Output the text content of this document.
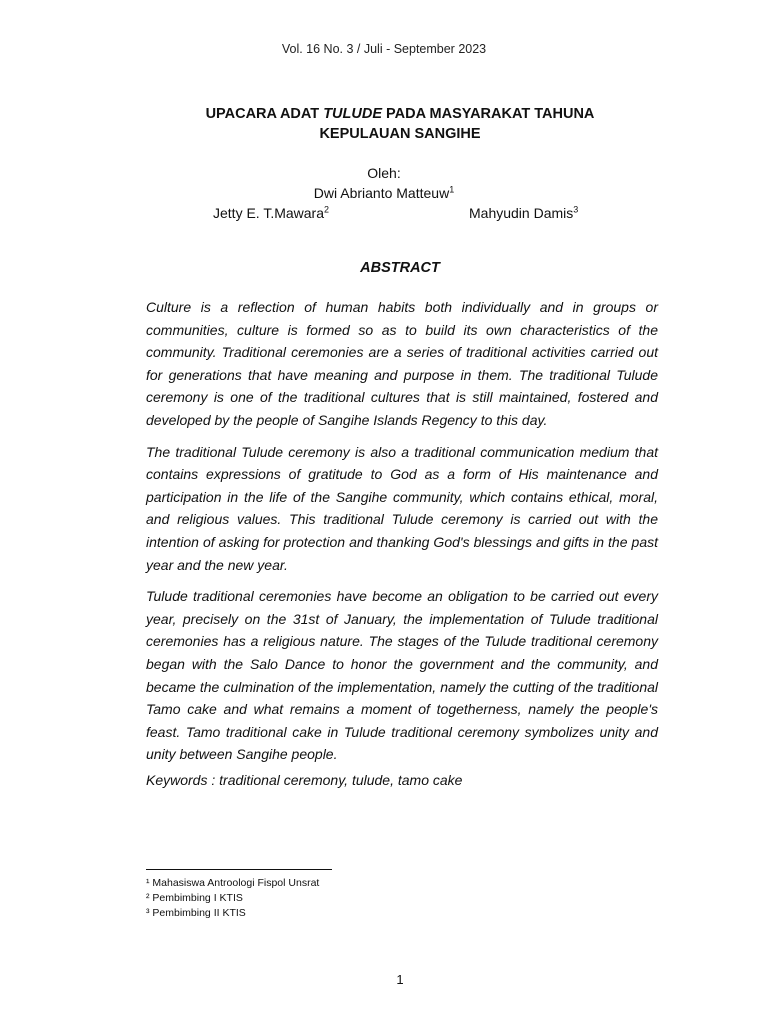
Vol. 16 No. 3 / Juli - September 2023
UPACARA ADAT TULUDE PADA MASYARAKAT TAHUNA
KEPULAUAN SANGIHE
Oleh:
Dwi Abrianto Matteuw$^1$
Jetty E. T.Mawara$^2$	Mahyudin Damis$^3$
ABSTRACT

Culture is a reflection of human habits both individually and in groups or communities, culture is formed so as to build its own characteristics of the community. Traditional ceremonies are a series of traditional activities carried out for generations that have meaning and purpose in them. The traditional Tulude ceremony is one of the traditional cultures that is still maintained, fostered and developed by the people of Sangihe Islands Regency to this day.

The traditional Tulude ceremony is also a traditional communication medium that contains expressions of gratitude to God as a form of His maintenance and participation in the life of the Sangihe community, which contains ethical, moral, and religious values. This traditional Tulude ceremony is carried out with the intention of asking for protection and thanking God's blessings and gifts in the past year and the new year.

Tulude traditional ceremonies have become an obligation to be carried out every year, precisely on the 31st of January, the implementation of Tulude traditional ceremonies has a religious nature. The stages of the Tulude traditional ceremony began with the Salo Dance to honor the government and the community, and became the culmination of the implementation, namely the cutting of the traditional Tamo cake and what remains a moment of togetherness, namely the people's feast. Tamo traditional cake in Tulude traditional ceremony symbolizes unity and unity between Sangihe people.

Keywords : traditional ceremony, tulude, tamo cake
¹ Mahasiswa Antroologi Fispol Unsrat
² Pembimbing I KTIS
³ Pembimbing II KTIS
1
